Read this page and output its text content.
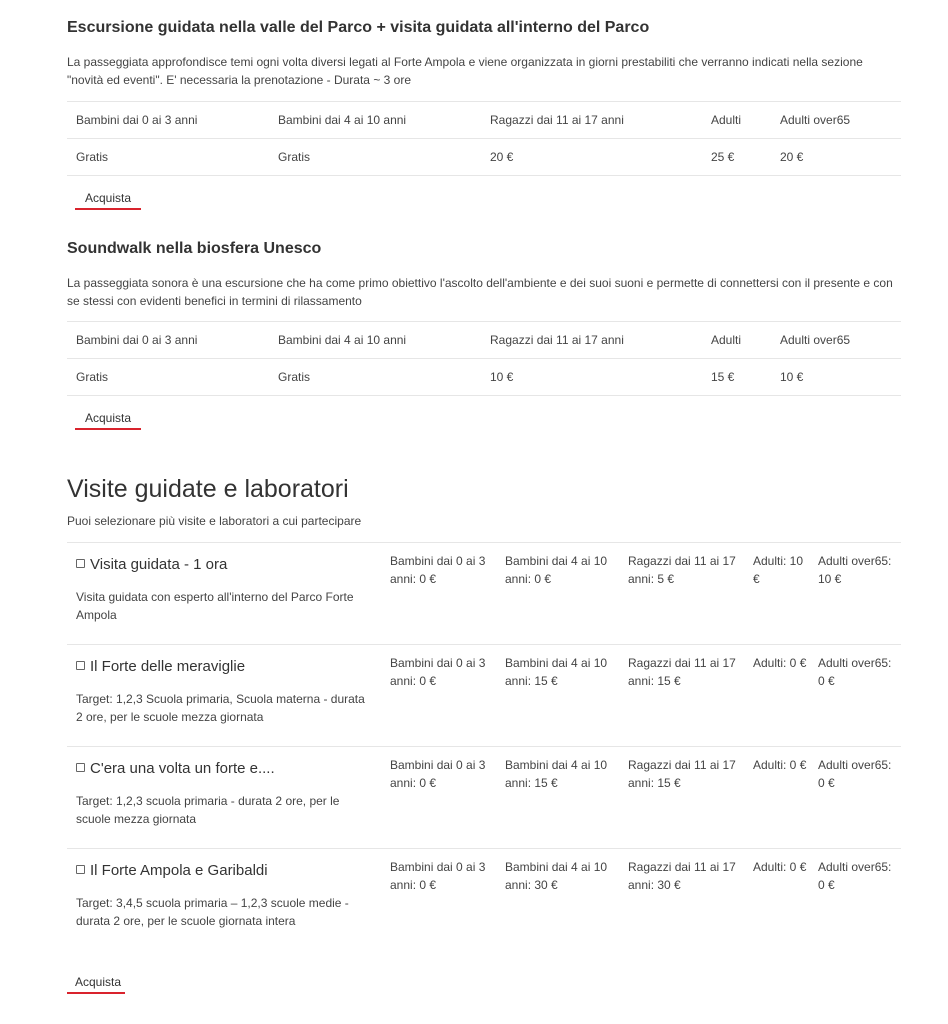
Escursione guidata nella valle del Parco + visita guidata all'interno del Parco

La passeggiata approfondisce temi ogni volta diversi legati al Forte Ampola e viene organizzata in giorni prestabiliti che verranno indicati nella sezione "novità ed eventi". E' necessaria la prenotazione - Durata ~ 3 ore

Bambini dai 0 ai 3 anni	Bambini dai 4 ai 10 anni	Ragazzi dai 11 ai 17 anni	Adulti	Adulti over65
Gratis	Gratis	20 €	25 €	20 €
Acquista
Soundwalk nella biosfera Unesco

La passeggiata sonora è una escursione che ha come primo obiettivo l'ascolto dell'ambiente e dei suoi suoni e permette di connettersi con il presente e con se stessi con evidenti benefici in termini di rilassamento

Bambini dai 0 ai 3 anni	Bambini dai 4 ai 10 anni	Ragazzi dai 11 ai 17 anni	Adulti	Adulti over65
Gratis	Gratis	10 €	15 €	10 €
Acquista
Visite guidate e laboratori

Puoi selezionare più visite e laboratori a cui partecipare

Visita guidata - 1 ora
Visita guidata con esperto all'interno del Parco Forte Ampola
Bambini dai 0 ai 3 anni: 0 €
Bambini dai 4 ai 10 anni: 0 €
Ragazzi dai 11 ai 17 anni: 5 €
Adulti: 10 €
Adulti over65: 10 €
Il Forte delle meraviglie
Target: 1,2,3 Scuola primaria, Scuola materna - durata 2 ore, per le scuole mezza giornata
Bambini dai 0 ai 3 anni: 0 €
Bambini dai 4 ai 10 anni: 15 €
Ragazzi dai 11 ai 17 anni: 15 €
Adulti: 0 € Adulti over65: 0 €
C'era una volta un forte e....
Target: 1,2,3 scuola primaria - durata 2 ore, per le scuole mezza giornata
Bambini dai 0 ai 3 anni: 0 €
Bambini dai 4 ai 10 anni: 15 €
Ragazzi dai 11 ai 17 anni: 15 €
Adulti: 0 € Adulti over65: 0 €
Il Forte Ampola e Garibaldi
Target: 3,4,5 scuola primaria – 1,2,3 scuole medie - durata 2 ore, per le scuole giornata intera
Bambini dai 0 ai 3 anni: 0 €
Bambini dai 4 ai 10 anni: 30 €
Ragazzi dai 11 ai 17 anni: 30 €
Adulti: 0 € Adulti over65: 0 €
Acquista
